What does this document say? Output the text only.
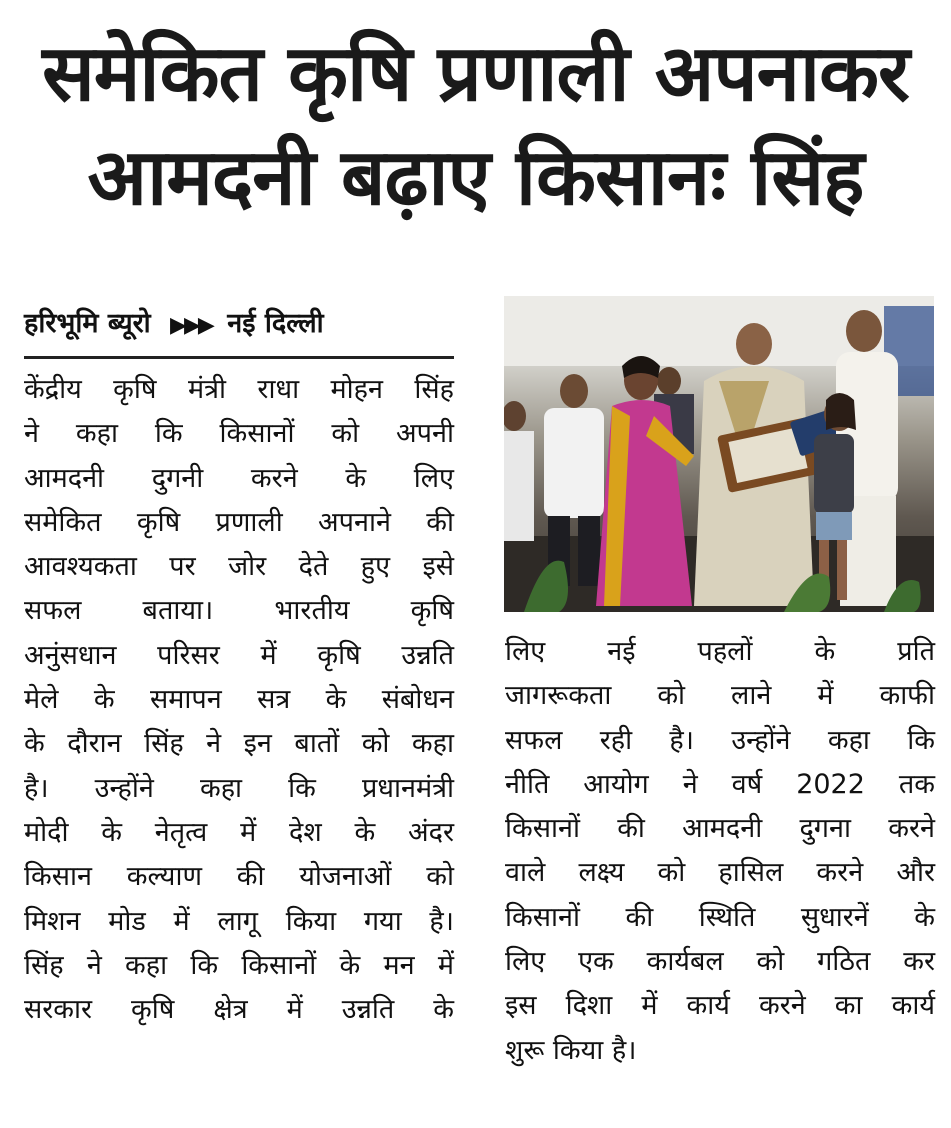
समेकित कृषि प्रणाली अपनाकर
आमदनी बढ़ाए किसानः सिंह
हरिभूमि ब्यूरो ▶▶▶ नई दिल्ली
केंद्रीय कृषि मंत्री राधा मोहन सिंह
ने कहा कि किसानों को अपनी
आमदनी दुगनी करने के लिए
समेकित कृषि प्रणाली अपनाने की
आवश्यकता पर जोर देते हुए इसे
सफल बताया। भारतीय कृषि
अनुंसधान परिसर में कृषि उन्नति
मेले के समापन सत्र के संबोधन
के दौरान सिंह ने इन बातों को कहा
है। उन्होंने कहा कि प्रधानमंत्री
मोदी के नेतृत्व में देश के अंदर
किसान कल्याण की योजनाओं को
मिशन मोड में लागू किया गया है।
सिंह ने कहा कि किसानों के मन में
सरकार कृषि क्षेत्र में उन्नति के
लिए नई पहलों के प्रति
जागरूकता को लाने में काफी
सफल रही है। उन्होंने कहा कि
नीति आयोग ने वर्ष 2022 तक
किसानों की आमदनी दुगना करने
वाले लक्ष्य को हासिल करने और
किसानों की स्थिति सुधारनें के
लिए एक कार्यबल को गठित कर
इस दिशा में कार्य करने का कार्य
शुरू किया है।
